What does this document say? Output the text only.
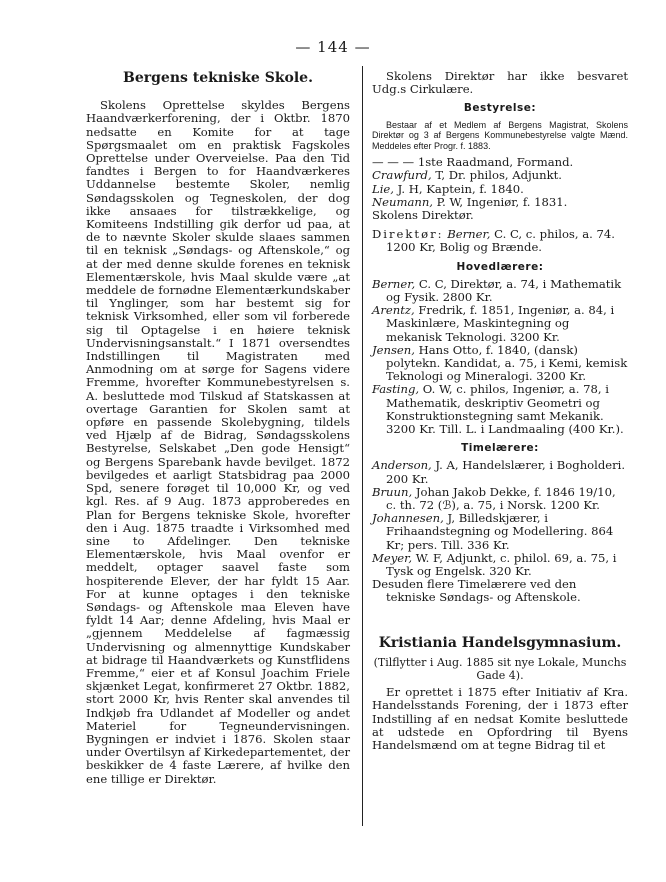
— 144 —
Bergens tekniske Skole.

Skolens Oprettelse skyldes Bergens Haandværkerforening, der i Oktbr. 1870 nedsatte en Komite for at tage Spørgsmaalet om en praktisk Fagskoles Oprettelse under Overveielse. Paa den Tid fandtes i Bergen to for Haandværkeres Uddannelse bestemte Skoler, nemlig Søndagsskolen og Tegneskolen, der dog ikke ansaaes for tilstrækkelige, og Komiteens Indstilling gik derfor ud paa, at de to nævnte Skoler skulde slaaes sammen til en teknisk „Søndags- og Aftenskole,“ og at der med denne skulde forenes en teknisk Elementærskole, hvis Maal skulde være „at meddele de fornødne Elementærkundskaber til Ynglinger, som har bestemt sig for teknisk Virksomhed, eller som vil forberede sig til Optagelse i en høiere teknisk Undervisningsanstalt.“ I 1871 oversendtes Indstillingen til Magistraten med Anmodning om at sørge for Sagens videre Fremme, hvorefter Kommunebestyrelsen s. A. besluttede mod Tilskud af Statskassen at overtage Garantien for Skolen samt at opføre en passende Skolebygning, tildels ved Hjælp af de Bidrag, Søndagsskolens Bestyrelse, Selskabet „Den gode Hensigt“ og Bergens Sparebank havde bevilget. 1872 bevilgedes et aarligt Statsbidrag paa 2000 Spd, senere forøget til 10,000 Kr, og ved kgl. Res. af 9 Aug. 1873 approberedes en Plan for Bergens tekniske Skole, hvorefter den i Aug. 1875 traadte i Virksomhed med sine to Afdelinger. Den tekniske Elementærskole, hvis Maal ovenfor er meddelt, optager saavel faste som hospiterende Elever, der har fyldt 15 Aar. For at kunne optages i den tekniske Søndags- og Aftenskole maa Eleven have fyldt 14 Aar; denne Afdeling, hvis Maal er „gjennem Meddelelse af fagmæssig Undervisning og almennyttige Kundskaber at bidrage til Haandværkets og Kunstflidens Fremme,“ eier et af Konsul Joachim Friele skjænket Legat, konfirmeret 27 Oktbr. 1882, stort 2000 Kr, hvis Renter skal anvendes til Indkjøb fra Udlandet af Modeller og andet Materiel for Tegneundervisningen. Bygningen er indviet i 1876. Skolen staar under Overtilsyn af Kirkedepartementet, der beskikker de 4 faste Lærere, af hvilke den ene tillige er Direktør.

Skolens Direktør har ikke besvaret Udg.s Cirkulære.

Bestyrelse:

Bestaar af et Medlem af Bergens Magistrat, Skolens Direktør og 3 af Bergens Kommunebestyrelse valgte Mænd. Meddeles efter Progr. f. 1883.

— — — 1ste Raadmand, Formand.

Crawfurd, T, Dr. philos, Adjunkt.

Lie, J. H, Kaptein, f. 1840.

Neumann, P. W, Ingeniør, f. 1831.

Skolens Direktør.

Direktør: Berner, C. C, c. philos, a. 74. 1200 Kr, Bolig og Brænde.

Hovedlærere:

Berner, C. C, Direktør, a. 74, i Mathematik og Fysik. 2800 Kr.

Arentz, Fredrik, f. 1851, Ingeniør, a. 84, i Maskinlære, Maskintegning og mekanisk Teknologi. 3200 Kr.

Jensen, Hans Otto, f. 1840, (dansk) polytekn. Kandidat, a. 75, i Kemi, kemisk Teknologi og Mineralogi. 3200 Kr.

Fasting, O. W, c. philos, Ingeniør, a. 78, i Mathematik, deskriptiv Geometri og Konstruktionstegning samt Mekanik. 3200 Kr. Till. L. i Landmaaling (400 Kr.).

Timelærere:

Anderson, J. A, Handelslærer, i Bogholderi. 200 Kr.

Bruun, Johan Jakob Dekke, f. 1846 19/10, c. th. 72 (ℬ), a. 75, i Norsk. 1200 Kr.

Johannesen, J, Billedskjærer, i Frihaandstegning og Modellering. 864 Kr; pers. Till. 336 Kr.

Meyer, W. F, Adjunkt, c. philol. 69, a. 75, i Tysk og Engelsk. 320 Kr.

Desuden flere Timelærere ved den tekniske Søndags- og Aftenskole.

Kristiania Handelsgymnasium.

(Tilflytter i Aug. 1885 sit nye Lokale, Munchs Gade 4).

Er oprettet i 1875 efter Initiativ af Kra. Handelsstands Forening, der i 1873 efter Indstilling af en nedsat Komite besluttede at udstede en Opfordring til Byens Handelsmænd om at tegne Bidrag til et
